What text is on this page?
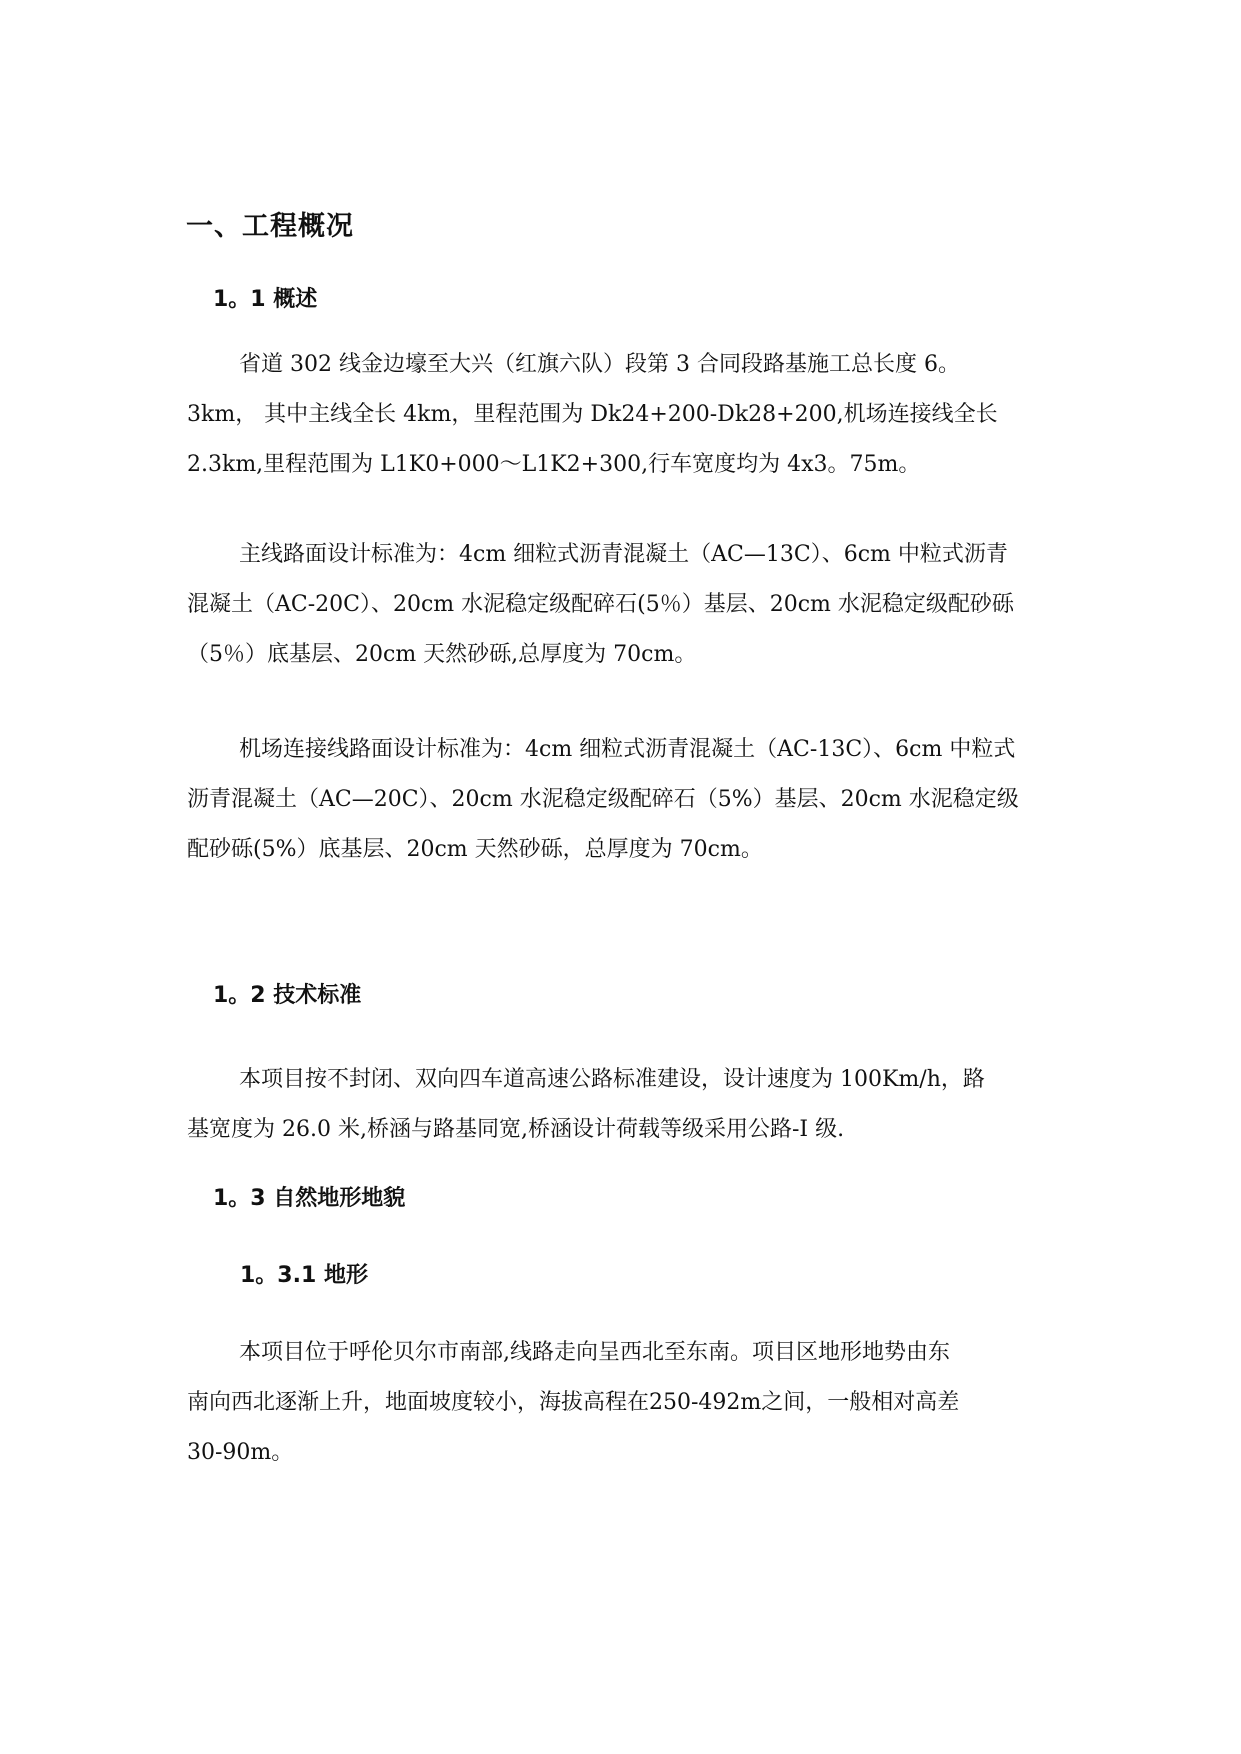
一、工程概况
1。1 概述
省道 302 线金边壕至大兴（红旗六队）段第 3 合同段路基施工总长度 6。
3km， 其中主线全长 4km，里程范围为 Dk24+200-Dk28+200,机场连接线全长
2.3km,里程范围为 L1K0+000～L1K2+300,行车宽度均为 4x3。75m。
主线路面设计标准为：4cm 细粒式沥青混凝土（AC—13C）、6cm 中粒式沥青
混凝土（AC-20C）、20cm 水泥稳定级配碎石(5％）基层、20cm 水泥稳定级配砂砾
（5％）底基层、20cm 天然砂砾,总厚度为 70cm。
机场连接线路面设计标准为：4cm 细粒式沥青混凝土（AC-13C）、6cm 中粒式
沥青混凝土（AC—20C）、20cm 水泥稳定级配碎石（5%）基层、20cm 水泥稳定级
配砂砾(5%）底基层、20cm 天然砂砾，总厚度为 70cm。
1。2 技术标准
本项目按不封闭、双向四车道高速公路标准建设，设计速度为 100Km/h，路
基宽度为 26.0 米,桥涵与路基同宽,桥涵设计荷载等级采用公路-I 级.
1。3 自然地形地貌
1。3.1 地形
本项目位于呼伦贝尔市南部,线路走向呈西北至东南。项目区地形地势由东
南向西北逐渐上升，地面坡度较小，海拔高程在250-492m之间，一般相对高差
30-90m。
